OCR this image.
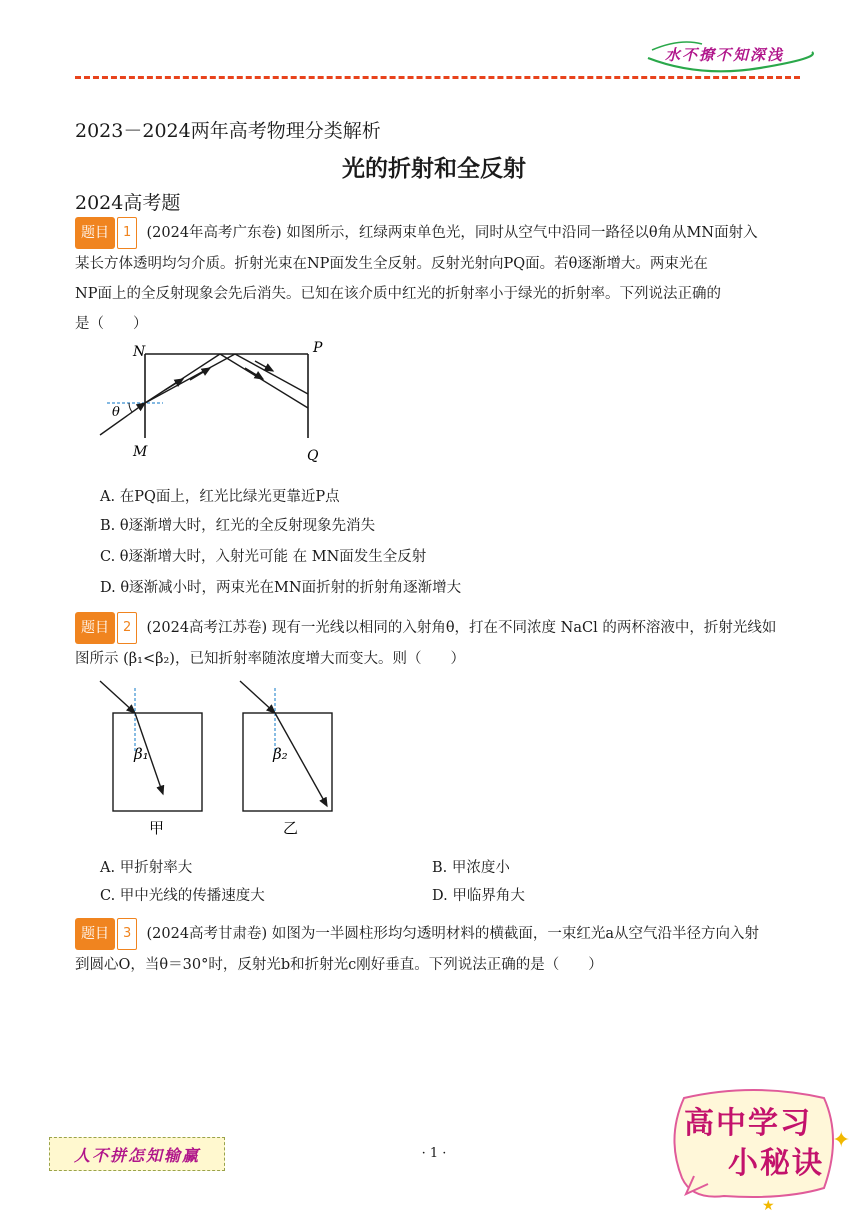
水不撩不知深浅
2023－2024两年高考物理分类解析
光的折射和全反射
2024高考题
题目 1 (2024年高考广东卷) 如图所示，红绿两束单色光，同时从空气中沿同一路径以θ角从MN面射入
某长方体透明均匀介质。折射光束在NP面发生全反射。反射光射向PQ面。若θ逐渐增大。两束光在
NP面上的全反射现象会先后消失。已知在该介质中红光的折射率小于绿光的折射率。下列说法正确的
是（　　）
N	P
M	Q
θ
A. 在PQ面上，红光比绿光更靠近P点
B. θ逐渐增大时，红光的全反射现象先消失
C. θ逐渐增大时，入射光可能 在 MN面发生全反射
D. θ逐渐减小时，两束光在MN面折射的折射角逐渐增大
题目 2 (2024高考江苏卷) 现有一光线以相同的入射角θ，打在不同浓度 NaCl 的两杯溶液中，折射光线如
图所示 (β₁<β₂)，已知折射率随浓度增大而变大。则（　　）
β₁	β₂
甲	乙
A. 甲折射率大	B. 甲浓度小
C. 甲中光线的传播速度大	D. 甲临界角大
题目 3 (2024高考甘肃卷) 如图为一半圆柱形均匀透明材料的横截面，一束红光a从空气沿半径方向入射
到圆心O，当θ＝30°时，反射光b和折射光c刚好垂直。下列说法正确的是（　　）
人不拼怎知输赢	· 1 ·
高中学习
小秘诀
✦
★
